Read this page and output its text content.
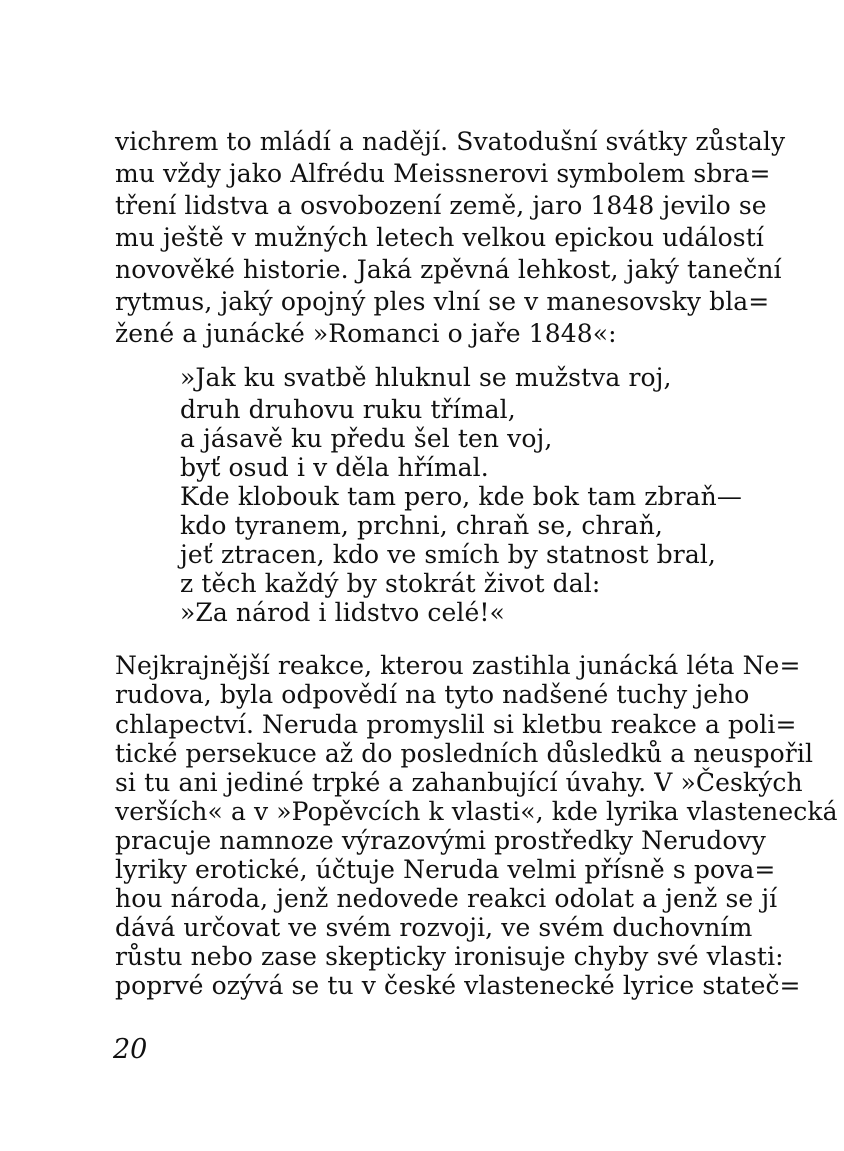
vichrem to mládí a nadějí. Svatodušní svátky zůstaly
mu vždy jako Alfrédu Meissnerovi symbolem sbra=
tření lidstva a osvobození země, jaro 1848 jevilo se
mu ještě v mužných letech velkou epickou událostí
novověké historie. Jaká zpěvná lehkost, jaký taneční
rytmus, jaký opojný ples vlní se v manesovsky bla=
žené a junácké »Romanci o jaře 1848«:
»Jak ku svatbě hluknul se mužstva roj,
druh druhovu ruku třímal,
a jásavě ku předu šel ten voj,
byť osud i v děla hřímal.
Kde klobouk tam pero, kde bok tam zbraň—
kdo tyranem, prchni, chraň se, chraň,
jeť ztracen, kdo ve smích by statnost bral,
z těch každý by stokrát život dal:
»Za národ i lidstvo celé!«
Nejkrajnější reakce, kterou zastihla junácká léta Ne=
rudova, byla odpovědí na tyto nadšené tuchy jeho
chlapectví. Neruda promyslil si kletbu reakce a poli=
tické persekuce až do posledních důsledků a neuspořil
si tu ani jediné trpké a zahanbující úvahy. V »Českých
verších« a v »Popěvcích k vlasti«, kde lyrika vlastenecká
pracuje namnoze výrazovými prostředky Nerudovy
lyriky erotické, účtuje Neruda velmi přísně s pova=
hou národa, jenž nedovede reakci odolat a jenž se jí
dává určovat ve svém rozvoji, ve svém duchovním
růstu nebo zase skepticky ironisuje chyby své vlasti:
poprvé ozývá se tu v české vlastenecké lyrice stateč=
20
